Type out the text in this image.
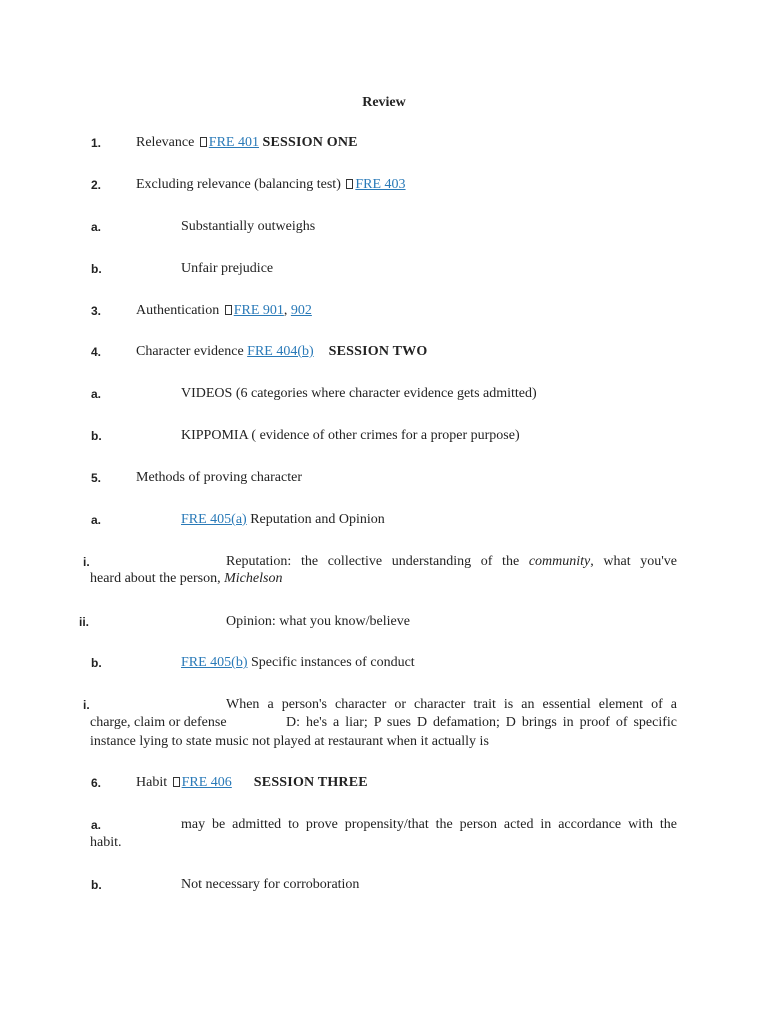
Review
1. Relevance FRE 401 SESSION ONE
2. Excluding relevance (balancing test) FRE 403
a.	Substantially outweighs
b.	Unfair prejudice
3. Authentication FRE 901, 902
4. Character evidence FRE 404(b) SESSION TWO
a.	VIDEOS (6 categories where character evidence gets admitted)
b.	KIPPOMIA ( evidence of other crimes for a proper purpose)
5. Methods of proving character
a.	FRE 405(a) Reputation and Opinion
i.	Reputation: the collective understanding of the community, what you've
heard about the person, Michelson
ii.	Opinion: what you know/believe
b.	FRE 405(b) Specific instances of conduct
i.	When a person's character or character trait is an essential element of a
charge, claim or defense	D: he's a liar; P sues D defamation; D brings in proof of specific
instance lying to state music not played at restaurant when it actually is
6. Habit FRE 406 SESSION THREE
a.	may be admitted to prove propensity/that the person acted in accordance with the
habit.
b.	Not necessary for corroboration
